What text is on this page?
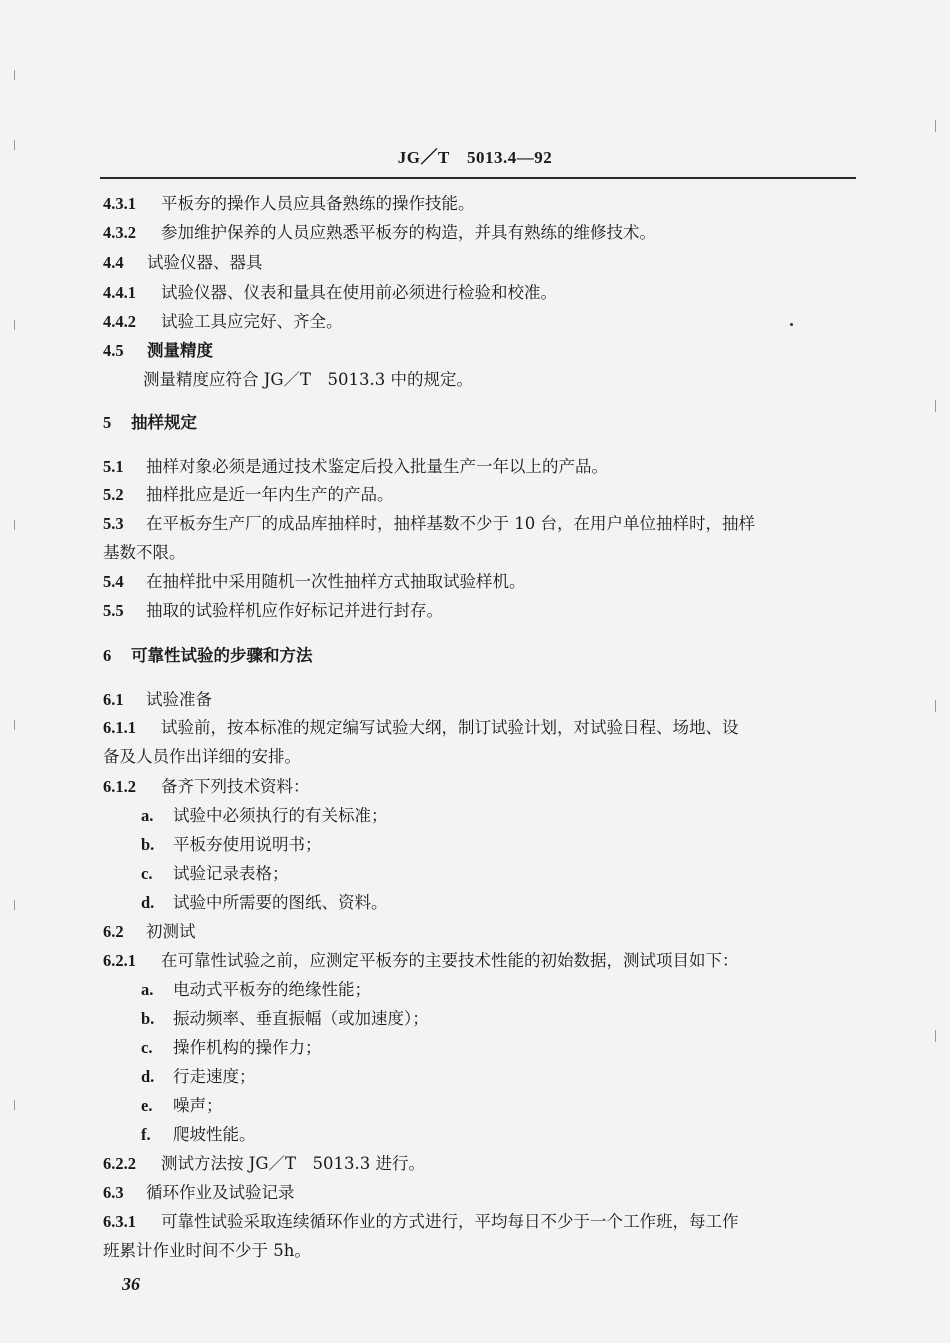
JG／T　5013.4—92
4.3.1 平板夯的操作人员应具备熟练的操作技能。
4.3.2 参加维护保养的人员应熟悉平板夯的构造，并具有熟练的维修技术。
4.4 试验仪器、器具
4.4.1 试验仪器、仪表和量具在使用前必须进行检验和校准。
4.4.2 试验工具应完好、齐全。
4.5 测量精度
测量精度应符合 JG／T　5013.3 中的规定。
5 抽样规定
5.1 抽样对象必须是通过技术鉴定后投入批量生产一年以上的产品。
5.2 抽样批应是近一年内生产的产品。
5.3 在平板夯生产厂的成品库抽样时，抽样基数不少于 10 台，在用户单位抽样时，抽样
基数不限。
5.4 在抽样批中采用随机一次性抽样方式抽取试验样机。
5.5 抽取的试验样机应作好标记并进行封存。
6 可靠性试验的步骤和方法
6.1 试验准备
6.1.1 试验前，按本标准的规定编写试验大纲，制订试验计划，对试验日程、场地、设
备及人员作出详细的安排。
6.1.2 备齐下列技术资料：
a. 试验中必须执行的有关标准；
b. 平板夯使用说明书；
c. 试验记录表格；
d. 试验中所需要的图纸、资料。
6.2 初测试
6.2.1 在可靠性试验之前，应测定平板夯的主要技术性能的初始数据，测试项目如下：
a. 电动式平板夯的绝缘性能；
b. 振动频率、垂直振幅（或加速度）；
c. 操作机构的操作力；
d. 行走速度；
e. 噪声；
f. 爬坡性能。
6.2.2 测试方法按 JG／T　5013.3 进行。
6.3 循环作业及试验记录
6.3.1 可靠性试验采取连续循环作业的方式进行，平均每日不少于一个工作班，每工作
班累计作业时间不少于 5h。
36
